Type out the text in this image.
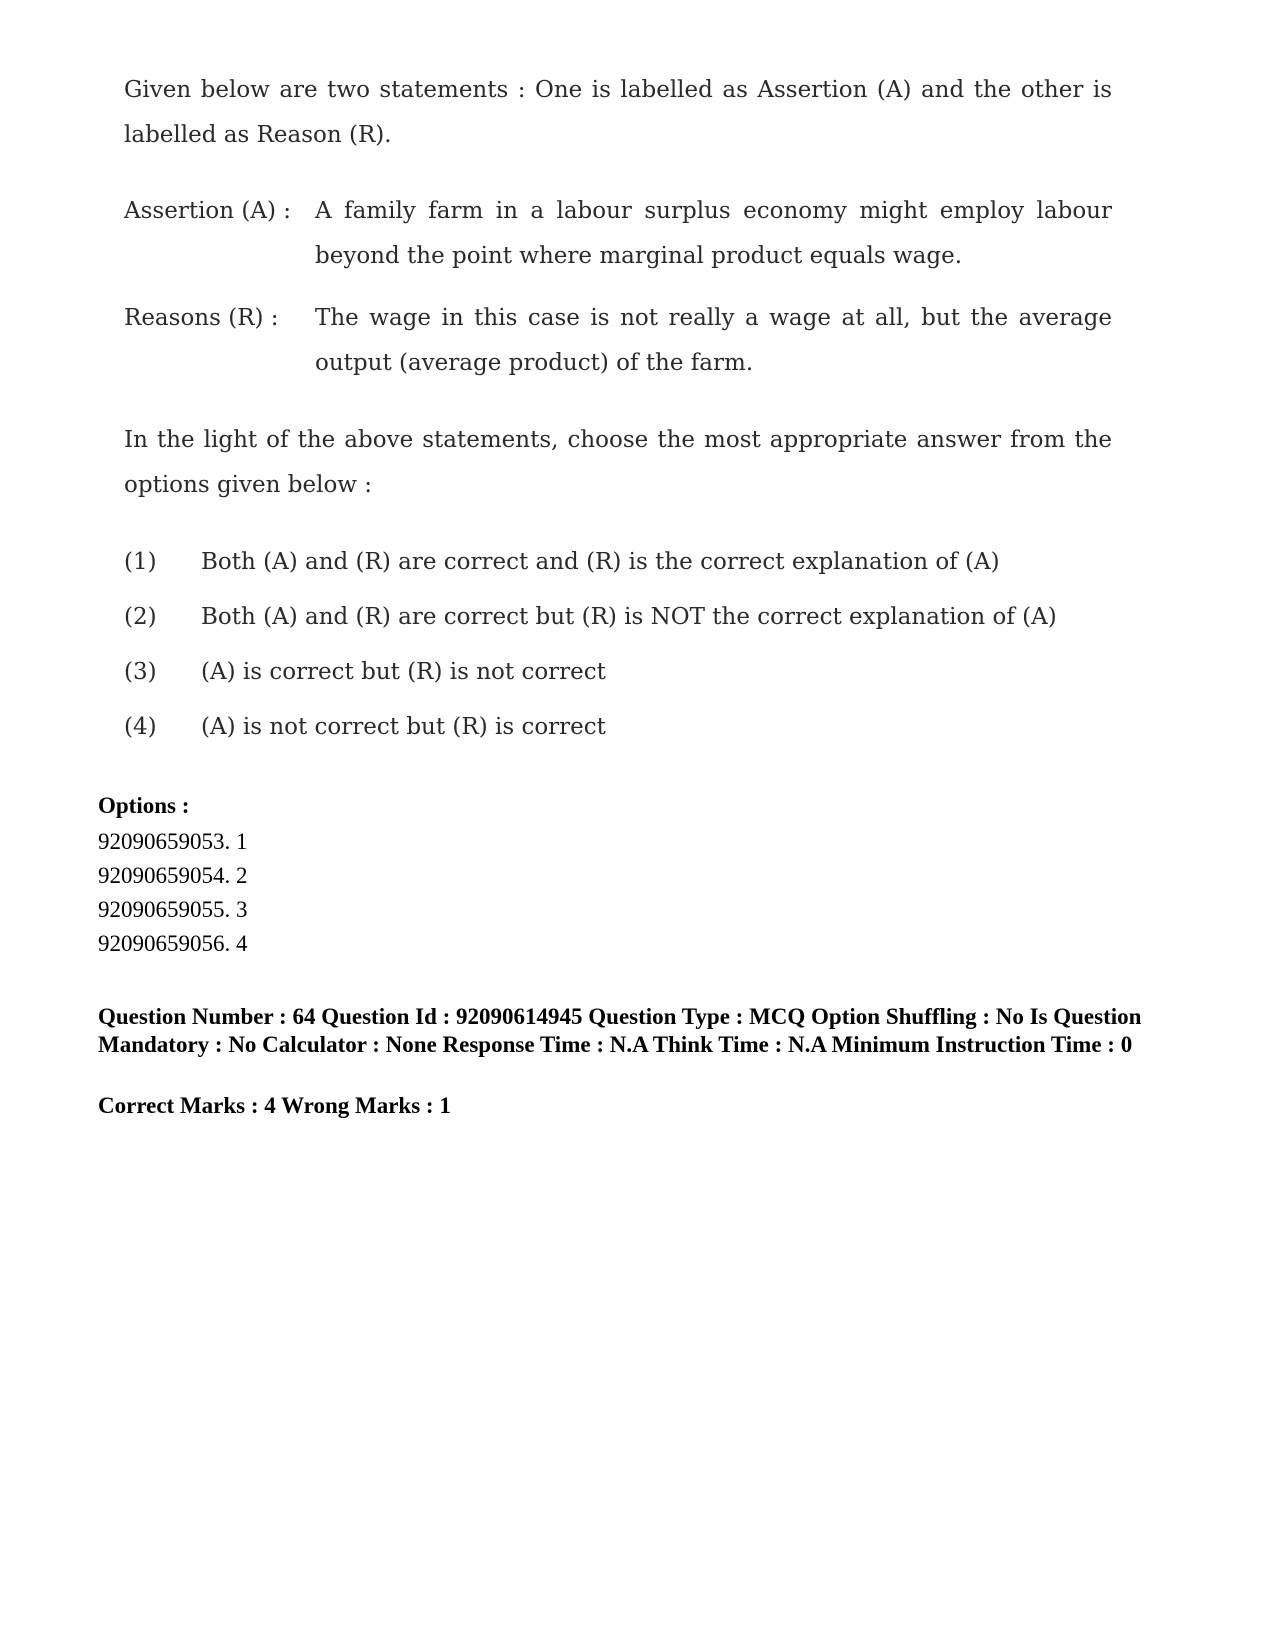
Given below are two statements : One is labelled as Assertion (A) and the other is labelled as Reason (R).

Assertion (A) : A family farm in a labour surplus economy might employ labour beyond the point where marginal product equals wage.

Reasons (R) : The wage in this case is not really a wage at all, but the average output (average product) of the farm.

In the light of the above statements, choose the most appropriate answer from the options given below :

(1) Both (A) and (R) are correct and (R) is the correct explanation of (A)
(2) Both (A) and (R) are correct but (R) is NOT the correct explanation of (A)
(3) (A) is correct but (R) is not correct
(4) (A) is not correct but (R) is correct
Options :
92090659053. 1
92090659054. 2
92090659055. 3
92090659056. 4

Question Number : 64 Question Id : 92090614945 Question Type : MCQ Option Shuffling : No Is Question Mandatory : No Calculator : None Response Time : N.A Think Time : N.A Minimum Instruction Time : 0

Correct Marks : 4 Wrong Marks : 1
